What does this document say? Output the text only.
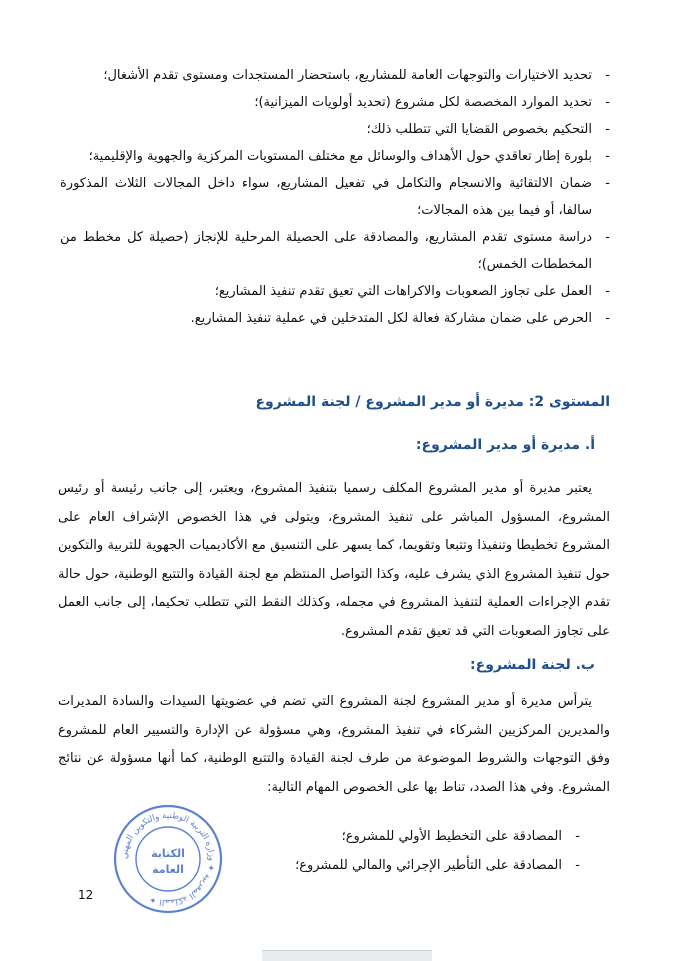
-
تحديد الاختيارات والتوجهات العامة للمشاريع، باستحضار المستجدات ومستوى تقدم الأشغال؛
-
تحديد الموارد المخصصة لكل مشروع (تحديد أولويات الميزانية)؛
-
التحكيم بخصوص القضايا التي تتطلب ذلك؛
-
بلورة إطار تعاقدي حول الأهداف والوسائل مع مختلف المستويات المركزية والجهوية والإقليمية؛
-
ضمان الالتقائية والانسجام والتكامل في تفعيل المشاريع، سواء داخل المجالات الثلاث المذكورة سالفا، أو فيما بين هذه المجالات؛
-
دراسة مستوى تقدم المشاريع، والمصادقة على الحصيلة المرحلية للإنجاز (حصيلة كل مخطط من المخططات الخمس)؛
-
العمل على تجاوز الصعوبات والاكراهات التي تعيق تقدم تنفيذ المشاريع؛
-
الحرص على ضمان مشاركة فعالة لكل المتدخلين في عملية تنفيذ المشاريع.
المستوى 2: مديرة أو مدير المشروع / لجنة المشروع
أ. مديرة أو مدير المشروع:

يعتبر مديرة أو مدير المشروع المكلف رسميا بتنفيذ المشروع، ويعتبر، إلى جانب رئيسة أو رئيس المشروع، المسؤول المباشر على تنفيذ المشروع، ويتولى في هذا الخصوص الإشراف العام على المشروع تخطيطا وتنفيذا وتتبعا وتقويما، كما يسهر على التنسيق مع الأكاديميات الجهوية للتربية والتكوين حول تنفيذ المشروع الذي يشرف عليه، وكذا التواصل المنتظم مع لجنة القيادة والتتبع الوطنية، حول حالة تقدم الإجراءات العملية لتنفيذ المشروع في مجمله، وكذلك النقط التي تتطلب تحكيما، إلى جانب العمل على تجاوز الصعوبات التي قد تعيق تقدم المشروع.

ب. لجنة المشروع:

يترأس مديرة أو مدير المشروع لجنة المشروع التي تضم في عضويتها السيدات والسادة المديرات والمديرين المركزيين الشركاء في تنفيذ المشروع، وهي مسؤولة عن الإدارة والتسيير العام للمشروع وفق التوجهات والشروط الموضوعة من طرف لجنة القيادة والتتبع الوطنية، كما أنها مسؤولة عن نتائج المشروع. وفي هذا الصدد، تناط بها على الخصوص المهام التالية:

-
المصادقة على التخطيط الأولي للمشروع؛
-
المصادقة على التأطير الإجرائي والمالي للمشروع؛
المملكة المغربية ✦ وزارة التربية الوطنية والتكوين المهني ✦
الكتابة
العامة
12
